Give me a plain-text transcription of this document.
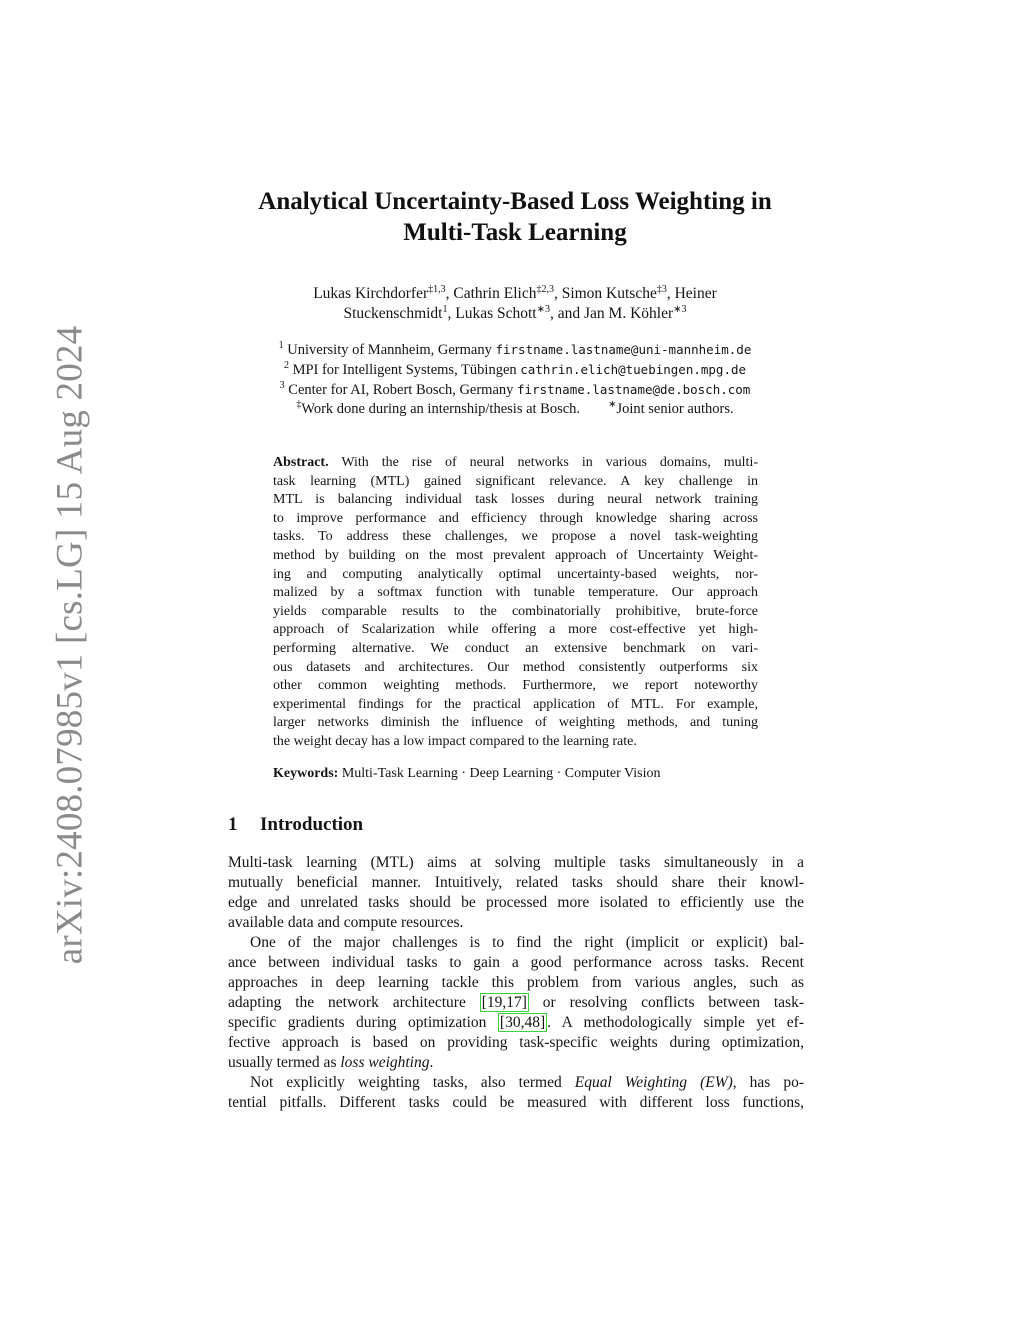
arXiv:2408.07985v1 [cs.LG] 15 Aug 2024
Analytical Uncertainty-Based Loss Weighting in
Multi-Task Learning
Lukas Kirchdorfer$^{\ddagger 1,3}$, Cathrin Elich$^{\ddagger 2,3}$, Simon Kutsche$^{\ddagger 3}$, Heiner
Stuckenschmidt$^1$, Lukas Schott$^{∗3}$, and Jan M. Köhler$^{∗3}$
$^1$ University of Mannheim, Germany firstname.lastname@uni-mannheim.de
$^2$ MPI for Intelligent Systems, Tübingen cathrin.elich@tuebingen.mpg.de
$^3$ Center for AI, Robert Bosch, Germany firstname.lastname@de.bosch.com
‡Work done during an internship/thesis at Bosch.	∗Joint senior authors.
Abstract. With the rise of neural networks in various domains, multi-
task learning (MTL) gained significant relevance. A key challenge in
MTL is balancing individual task losses during neural network training
to improve performance and efficiency through knowledge sharing across
tasks. To address these challenges, we propose a novel task-weighting
method by building on the most prevalent approach of Uncertainty Weight-
ing and computing analytically optimal uncertainty-based weights, nor-
malized by a softmax function with tunable temperature. Our approach
yields comparable results to the combinatorially prohibitive, brute-force
approach of Scalarization while offering a more cost-effective yet high-
performing alternative. We conduct an extensive benchmark on vari-
ous datasets and architectures. Our method consistently outperforms six
other common weighting methods. Furthermore, we report noteworthy
experimental findings for the practical application of MTL. For example,
larger networks diminish the influence of weighting methods, and tuning
the weight decay has a low impact compared to the learning rate.
Keywords: Multi-Task Learning · Deep Learning · Computer Vision
1 Introduction
Multi-task learning (MTL) aims at solving multiple tasks simultaneously in a
mutually beneficial manner. Intuitively, related tasks should share their knowl-
edge and unrelated tasks should be processed more isolated to efficiently use the
available data and compute resources.
One of the major challenges is to find the right (implicit or explicit) bal-
ance between individual tasks to gain a good performance across tasks. Recent
approaches in deep learning tackle this problem from various angles, such as
adapting the network architecture [19,17] or resolving conflicts between task-
specific gradients during optimization [30,48] . A methodologically simple yet ef-
fective approach is based on providing task-specific weights during optimization,
usually termed as loss weighting.
Not explicitly weighting tasks, also termed Equal Weighting (EW), has po-
tential pitfalls. Different tasks could be measured with different loss functions,
